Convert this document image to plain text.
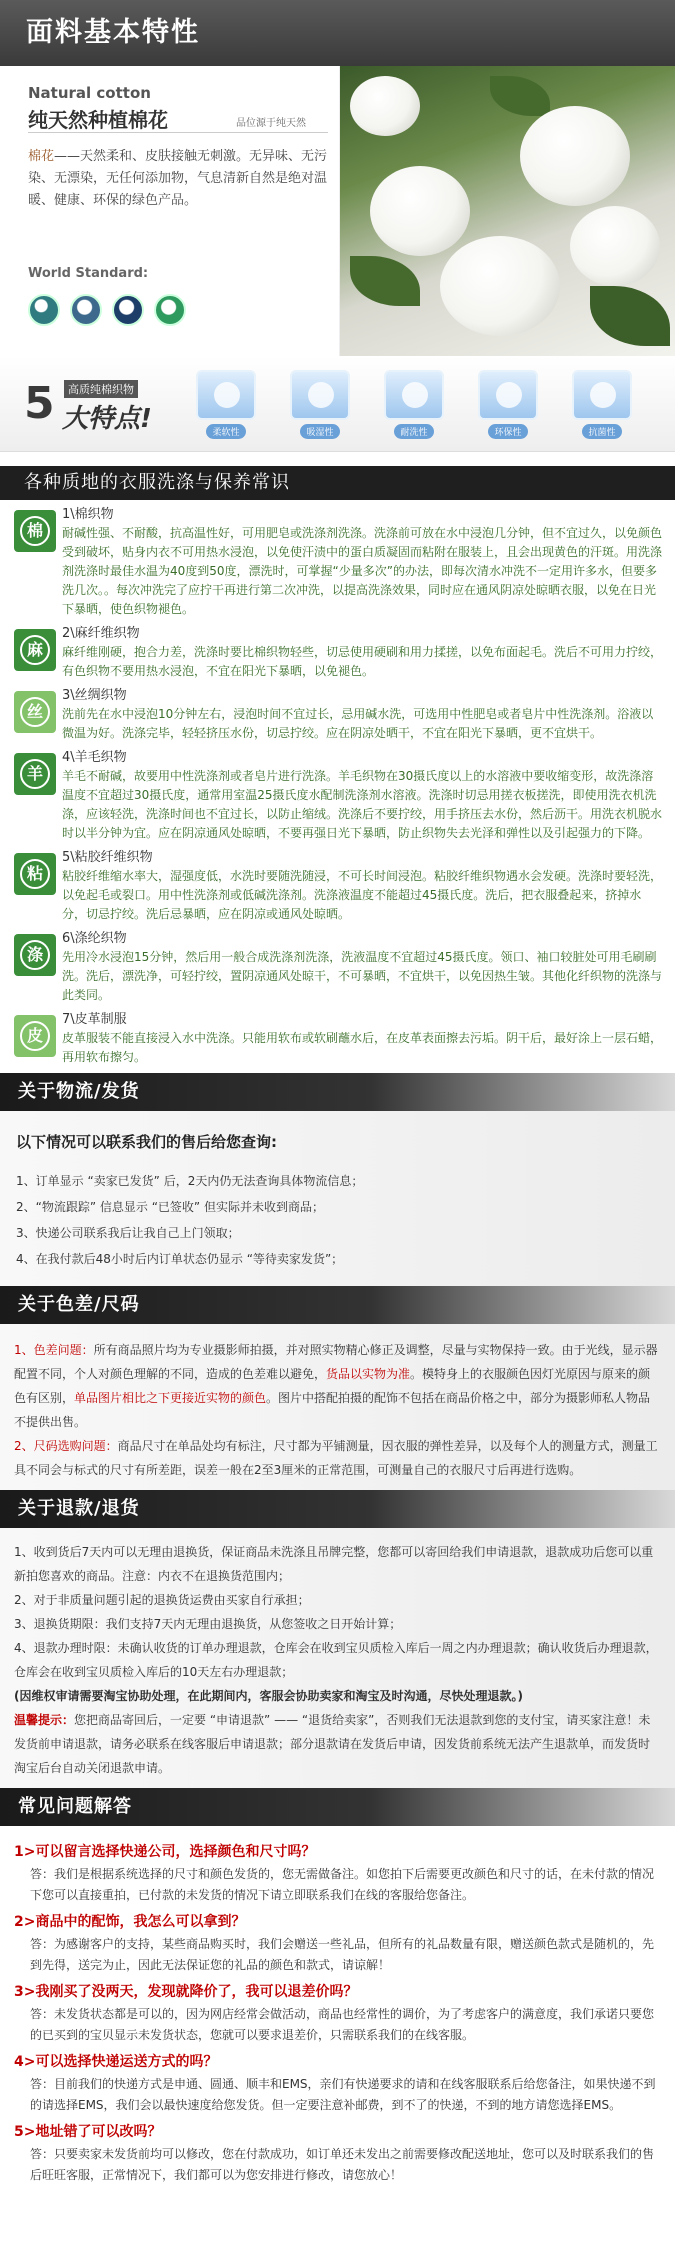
面料基本特性
Natural cotton
纯天然种植棉花	品位源于纯天然
棉花——天然柔和、皮肤接触无刺激。无异味、无污染、无漂染，无任何添加物，气息清新自然是绝对温暖、健康、环保的绿色产品。
World Standard:
5	高质纯棉织物
大特点!	柔软性	吸湿性	耐洗性	环保性	抗菌性
各种质地的衣服洗涤与保养常识
棉
1\棉织物
耐碱性强、不耐酸，抗高温性好，可用肥皂或洗涤剂洗涤。洗涤前可放在水中浸泡几分钟，但不宜过久，以免颜色受到破坏，贴身内衣不可用热水浸泡，以免使汗渍中的蛋白质凝固而粘附在服装上，且会出现黄色的汗斑。用洗涤剂洗涤时最佳水温为40度到50度，漂洗时，可掌握“少量多次”的办法，即每次清水冲洗不一定用许多水，但要多洗几次。。每次冲洗完了应拧干再进行第二次冲洗，以提高洗涤效果，同时应在通风阴凉处晾晒衣服，以免在日光下暴晒，使色织物褪色。
麻
2\麻纤维织物
麻纤维刚硬，抱合力差，洗涤时要比棉织物轻些，切忌使用硬刷和用力揉搓，以免布面起毛。洗后不可用力拧绞，有色织物不要用热水浸泡，不宜在阳光下暴晒，以免褪色。
丝
3\丝绸织物
洗前先在水中浸泡10分钟左右，浸泡时间不宜过长，忌用碱水洗，可选用中性肥皂或者皂片中性洗涤剂。浴液以微温为好。洗涤完毕，轻轻挤压水份，切忌拧绞。应在阴凉处晒干，不宜在阳光下暴晒，更不宜烘干。
羊
4\羊毛织物
羊毛不耐碱，故要用中性洗涤剂或者皂片进行洗涤。羊毛织物在30摄氏度以上的水溶液中要收缩变形，故洗涤溶温度不宜超过30摄氏度，通常用室温25摄氏度水配制洗涤剂水溶液。洗涤时切忌用搓衣板搓洗，即使用洗衣机洗涤，应该轻洗，洗涤时间也不宜过长，以防止缩绒。洗涤后不要拧绞，用手挤压去水份，然后沥干。用洗衣机脱水时以半分钟为宜。应在阴凉通风处晾晒，不要再强日光下暴晒，防止织物失去光泽和弹性以及引起强力的下降。
粘
5\粘胶纤维织物
粘胶纤维缩水率大，湿强度低，水洗时要随洗随浸，不可长时间浸泡。粘胶纤维织物遇水会发硬。洗涤时要轻洗，以免起毛或裂口。用中性洗涤剂或低碱洗涤剂。洗涤液温度不能超过45摄氏度。洗后，把衣服叠起来，挤掉水分，切忌拧绞。洗后忌暴晒，应在阴凉或通风处晾晒。
涤
6\涤纶织物
先用冷水浸泡15分钟，然后用一般合成洗涤剂洗涤，洗液温度不宜超过45摄氏度。领口、袖口较脏处可用毛刷刷洗。洗后，漂洗净，可轻拧绞，置阴凉通风处晾干，不可暴晒，不宜烘干，以免因热生皱。其他化纤织物的洗涤与此类同。
皮
7\皮革制服
皮革服装不能直接浸入水中洗涤。只能用软布或软刷蘸水后，在皮革表面擦去污垢。阴干后，最好涂上一层石蜡，再用软布擦匀。
关于物流/发货
以下情况可以联系我们的售后给您查询:
1、订单显示 “卖家已发货” 后，2天内仍无法查询具体物流信息；
2、“物流跟踪” 信息显示 “已签收” 但实际并未收到商品；
3、快递公司联系我后让我自己上门领取；
4、在我付款后48小时后内订单状态仍显示 “等待卖家发货”；
关于色差/尺码

1、色差问题：所有商品照片均为专业摄影师拍摄，并对照实物精心修正及调整，尽量与实物保持一致。由于光线，显示器配置不同，个人对颜色理解的不同，造成的色差难以避免，货品以实物为准。模特身上的衣服颜色因灯光原因与原来的颜色有区别，单品图片相比之下更接近实物的颜色。图片中搭配拍摄的配饰不包括在商品价格之中，部分为摄影师私人物品不提供出售。

2、尺码选购问题：商品尺寸在单品处均有标注，尺寸都为平铺测量，因衣服的弹性差异，以及每个人的测量方式，测量工具不同会与标式的尺寸有所差距，误差一般在2至3厘米的正常范围，可测量自己的衣服尺寸后再进行选购。

关于退款/退货
1、收到货后7天内可以无理由退换货，保证商品未洗涤且吊牌完整，您都可以寄回给我们申请退款，退款成功后您可以重新拍您喜欢的商品。注意：内衣不在退换货范围内；
2、对于非质量问题引起的退换货运费由买家自行承担；
3、退换货期限：我们支持7天内无理由退换货，从您签收之日开始计算；
4、退款办理时限：未确认收货的订单办理退款，仓库会在收到宝贝质检入库后一周之内办理退款；确认收货后办理退款，仓库会在收到宝贝质检入库后的10天左右办理退款；
(因维权审请需要淘宝协助处理，在此期间内，客服会协助卖家和淘宝及时沟通，尽快处理退款。)
温馨提示：您把商品寄回后，一定要 “申请退款” —— “退货给卖家”，否则我们无法退款到您的支付宝，请买家注意！未发货前申请退款，请务必联系在线客服后申请退款；部分退款请在发货后申请，因发货前系统无法产生退款单，而发货时淘宝后台自动关闭退款申请。
常见问题解答
1>可以留言选择快递公司，选择颜色和尺寸吗？
答：我们是根据系统选择的尺寸和颜色发货的，您无需做备注。如您拍下后需要更改颜色和尺寸的话，在未付款的情况下您可以直接重拍，已付款的未发货的情况下请立即联系我们在线的客服给您备注。
2>商品中的配饰，我怎么可以拿到？
答：为感谢客户的支持，某些商品购买时，我们会赠送一些礼品，但所有的礼品数量有限，赠送颜色款式是随机的，先到先得，送完为止，因此无法保证您的礼品的颜色和款式，请谅解！
3>我刚买了没两天，发现就降价了，我可以退差价吗？
答：未发货状态都是可以的，因为网店经常会做活动，商品也经常性的调价，为了考虑客户的满意度，我们承诺只要您的已买到的宝贝显示未发货状态，您就可以要求退差价，只需联系我们的在线客服。
4>可以选择快递运送方式的吗？
答：目前我们的快递方式是申通、圆通、顺丰和EMS，亲们有快递要求的请和在线客服联系后给您备注，如果快递不到的请选择EMS，我们会以最快速度给您发货。但一定要注意补邮费，到不了的快递，不到的地方请您选择EMS。
5>地址错了可以改吗？
答：只要卖家未发货前均可以修改，您在付款成功，如订单还未发出之前需要修改配送地址，您可以及时联系我们的售后旺旺客服，正常情况下，我们都可以为您安排进行修改，请您放心！
